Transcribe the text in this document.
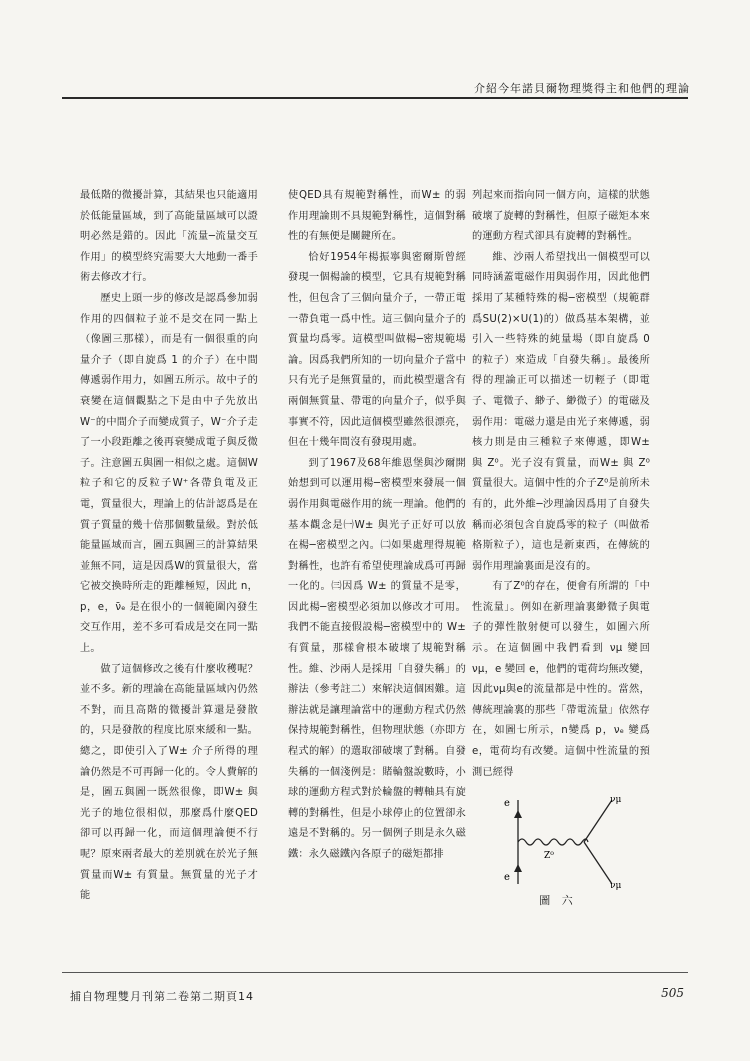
介紹今年諾貝爾物理獎得主和他們的理論

最低階的微擾計算，其結果也只能適用於低能量區域，到了高能量區域可以證明必然是錯的。因此「流量─流量交互作用」的模型終究需要大大地動一番手術去修改才行。

歷史上頭一步的修改是認爲參加弱作用的四個粒子並不是交在同一點上（像圖三那樣），而是有一個很重的向量介子（即自旋爲 1 的介子）在中間傳遞弱作用力，如圖五所示。故中子的衰變在這個觀點之下是由中子先放出W⁻的中間介子而變成質子，W⁻介子走了一小段距離之後再衰變成電子與反微子。注意圖五與圖一相似之處。這個W粒子和它的反粒子W⁺各帶負電及正電，質量很大，理論上的估計認爲是在質子質量的幾十倍那個數量級。對於低能量區域而言，圖五與圖三的計算結果並無不同，這是因爲W的質量很大，當它被交換時所走的距離極短，因此 n，p，e，ν̄ₑ 是在很小的一個範圍內發生交互作用，差不多可看成是交在同一點上。

做了這個修改之後有什麼收穫呢？並不多。新的理論在高能量區域內仍然不對，而且高階的微擾計算還是發散的，只是發散的程度比原來緩和一點。總之，即使引入了W± 介子所得的理論仍然是不可再歸一化的。令人費解的是，圖五與圖一既然很像，即W± 與光子的地位很相似，那麼爲什麼QED卻可以再歸一化，而這個理論便不行呢？原來兩者最大的差別就在於光子無質量而W± 有質量。無質量的光子才能

使QED具有規範對稱性，而W± 的弱作用理論則不具規範對稱性，這個對稱性的有無便是關鍵所在。

恰好1954年楊振寧與密爾斯曾經發現一個楊論的模型，它具有規範對稱性，但包含了三個向量介子，一帶正電一帶負電一爲中性。這三個向量介子的質量均爲零。這模型叫做楊─密規範場論。因爲我們所知的一切向量介子當中只有光子是無質量的，而此模型還含有兩個無質量、帶電的向量介子，似乎與事實不符，因此這個模型雖然很漂亮，但在十幾年間沒有發現用處。

到了1967及68年維恩堡與沙爾開始想到可以運用楊─密模型來發展一個弱作用與電磁作用的統一理論。他們的基本觀念是㈠W± 與光子正好可以放在楊─密模型之內。㈡如果處理得規範對稱性，也許有希望使理論成爲可再歸一化的。㈢因爲 W± 的質量不是零，因此楊─密模型必須加以修改才可用。我們不能直接假設楊─密模型中的 W± 有質量，那樣會根本破壞了規範對稱性。維、沙兩人是採用「自發失稱」的辦法（參考註二）來解決這個困難。這辦法就是讓理論當中的運動方程式仍然保持規範對稱性，但物理狀態（亦即方程式的解）的選取卻破壞了對稱。自發失稱的一個淺例是：賭輪盤說數時，小球的運動方程式對於輪盤的轉軸具有旋轉的對稱性，但是小球停止的位置卻永遠是不對稱的。另一個例子則是永久磁鐵：永久磁鐵內各原子的磁矩都排

列起來而指向同一個方向，這樣的狀態破壞了旋轉的對稱性，但原子磁矩本來的運動方程式卻具有旋轉的對稱性。

維、沙兩人希望找出一個模型可以同時涵蓋電磁作用與弱作用，因此他們採用了某種特殊的楊─密模型（規範群爲SU(2)×U(1)的）做爲基本架構，並引入一些特殊的純量場（即自旋爲 0 的粒子）來造成「自發失稱」。最後所得的理論正可以描述一切輕子（即電子、電微子、緲子、緲微子）的電磁及弱作用：電磁力還是由光子來傳遞，弱核力則是由三種粒子來傳遞，即W± 與 Z⁰。光子沒有質量，而W± 與 Z⁰ 質量很大。這個中性的介子Z⁰是前所未有的，此外維─沙理論因爲用了自發失稱而必須包含自旋爲零的粒子（叫做希格斯粒子），這也是新東西，在傳統的弱作用理論裏面是沒有的。

有了Z⁰的存在，便會有所謂的「中性流量」。例如在新理論裏緲微子與電子的彈性散射便可以發生，如圖六所示。在這個圖中我們看到 νμ 變回 νμ，e 變回 e，他們的電荷均無改變，因此νμ與e的流量都是中性的。當然，傳統理論裏的那些「帶電流量」依然存在，如圖七所示，n變爲 p，νₑ 變爲 e，電荷均有改變。這個中性流量的預測已經得

e
e
νμ
νμ
Z⁰
圖 六
捕自物理雙月刊第二卷第二期頁14	505
